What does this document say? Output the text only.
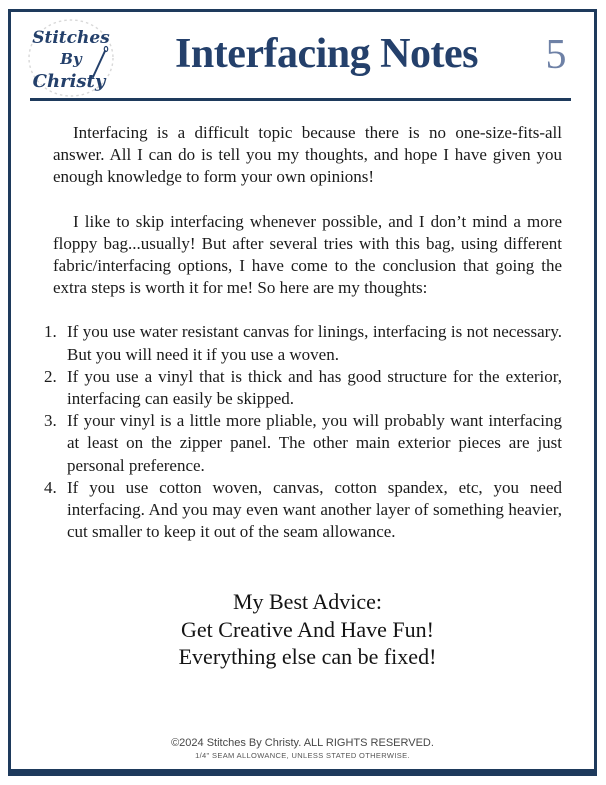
Stitches
By
Christy
Interfacing Notes	5

Interfacing is a difficult topic because there is no one-size-fits-all answer. All I can do is tell you my thoughts, and hope I have given you enough knowledge to form your own opinions!

I like to skip interfacing whenever possible, and I don’t mind a more floppy bag...usually! But after several tries with this bag, using different fabric/interfacing options, I have come to the conclusion that going the extra steps is worth it for me! So here are my thoughts:

1. If you use water resistant canvas for linings, interfacing is not necessary. But you will need it if you use a woven.
2. If you use a vinyl that is thick and has good structure for the exterior, interfacing can easily be skipped.
3. If your vinyl is a little more pliable, you will probably want interfacing at least on the zipper panel. The other main exterior pieces are just personal preference.
4. If you use cotton woven, canvas, cotton spandex, etc, you need interfacing. And you may even want another layer of something heavier, cut smaller to keep it out of the seam allowance.
My Best Advice:
Get Creative And Have Fun!
Everything else can be fixed!
©2024 Stitches By Christy. ALL RIGHTS RESERVED.
1/4" SEAM ALLOWANCE, UNLESS STATED OTHERWISE.
